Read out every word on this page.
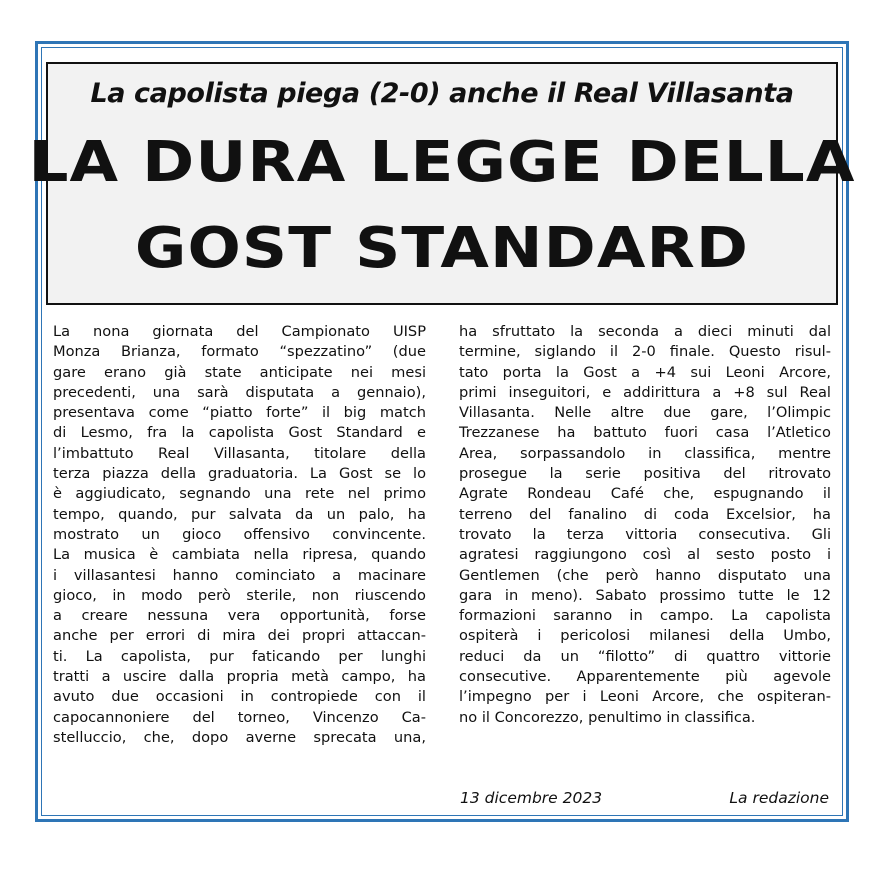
La capolista piega (2-0) anche il Real Villasanta
LA DURA LEGGE DELLA
GOST STANDARD
La nona giornata del Campionato UISP
Monza Brianza, formato “spezzatino” (due
gare erano già state anticipate nei mesi
precedenti, una sarà disputata a gennaio),
presentava come “piatto forte” il big match
di Lesmo, fra la capolista Gost Standard e
l’imbattuto Real Villasanta, titolare della
terza piazza della graduatoria. La Gost se lo
è aggiudicato, segnando una rete nel primo
tempo, quando, pur salvata da un palo, ha
mostrato un gioco offensivo convincente.
La musica è cambiata nella ripresa, quando
i villasantesi hanno cominciato a macinare
gioco, in modo però sterile, non riuscendo
a creare nessuna vera opportunità, forse
anche per errori di mira dei propri attaccan-
ti. La capolista, pur faticando per lunghi
tratti a uscire dalla propria metà campo, ha
avuto due occasioni in contropiede con il
capocannoniere del torneo, Vincenzo Ca-
stelluccio, che, dopo averne sprecata una,
ha sfruttato la seconda a dieci minuti dal
termine, siglando il 2-0 finale. Questo risul-
tato porta la Gost a +4 sui Leoni Arcore,
primi inseguitori, e addirittura a +8 sul Real
Villasanta. Nelle altre due gare, l’Olimpic
Trezzanese ha battuto fuori casa l’Atletico
Area, sorpassandolo in classifica, mentre
prosegue la serie positiva del ritrovato
Agrate Rondeau Café che, espugnando il
terreno del fanalino di coda Excelsior, ha
trovato la terza vittoria consecutiva. Gli
agratesi raggiungono così al sesto posto i
Gentlemen (che però hanno disputato una
gara in meno). Sabato prossimo tutte le 12
formazioni saranno in campo. La capolista
ospiterà i pericolosi milanesi della Umbo,
reduci da un “filotto” di quattro vittorie
consecutive. Apparentemente più agevole
l’impegno per i Leoni Arcore, che ospiteran-
no il Concorezzo, penultimo in classifica.
13 dicembre 2023	La redazione
